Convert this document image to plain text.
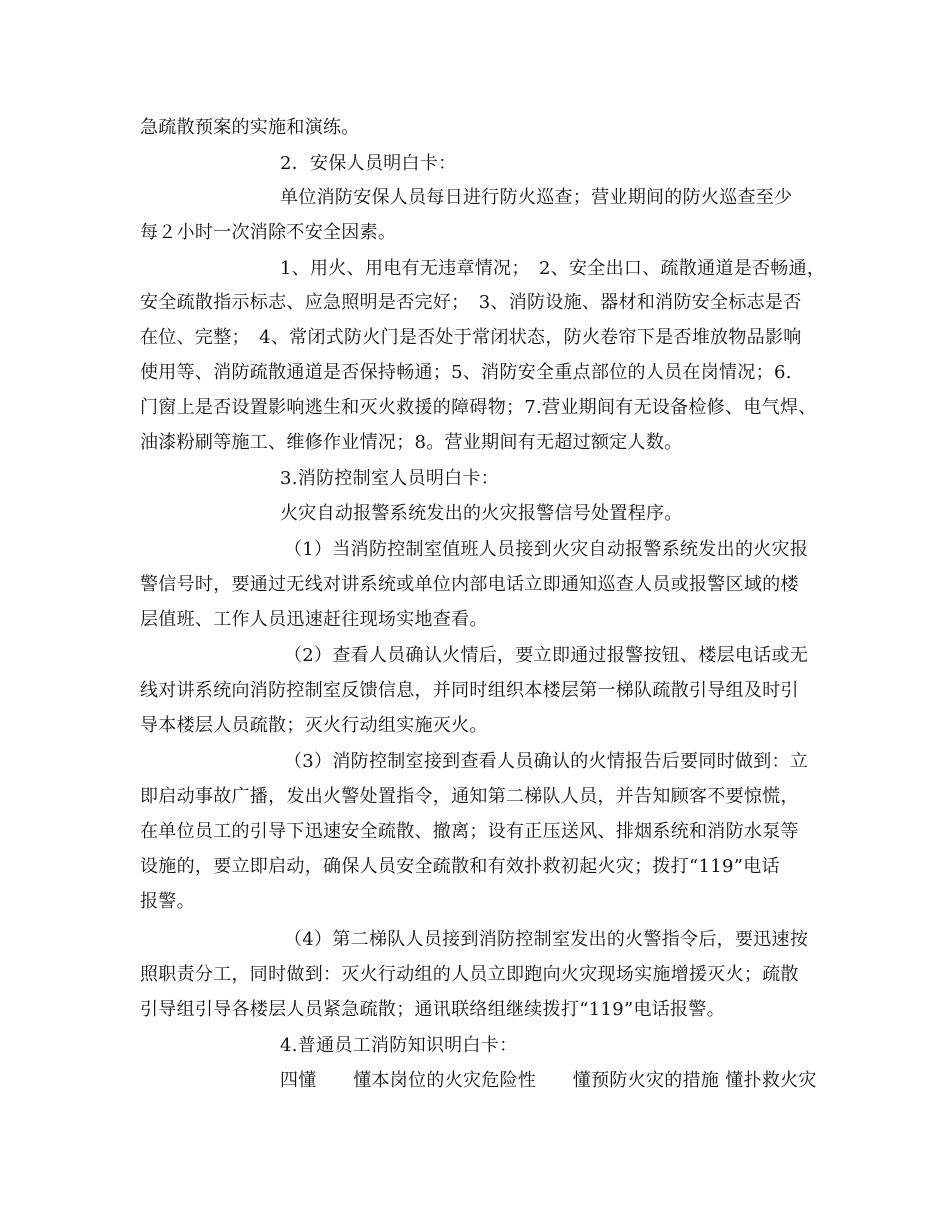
急疏散预案的实施和演练。
2．安保人员明白卡：
单位消防安保人员每日进行防火巡查；营业期间的防火巡查至少
每２小时一次消除不安全因素。
1、用火、用电有无违章情况；　2、安全出口、疏散通道是否畅通，
安全疏散指示标志、应急照明是否完好；　3、消防设施、器材和消防安全标志是否
在位、完整；　4、常闭式防火门是否处于常闭状态，防火卷帘下是否堆放物品影响
使用等、消防疏散通道是否保持畅通；5、消防安全重点部位的人员在岗情况；6.
门窗上是否设置影响逃生和灭火救援的障碍物；7.营业期间有无设备检修、电气焊、
油漆粉刷等施工、维修作业情况；8。营业期间有无超过额定人数。
3.消防控制室人员明白卡：
火灾自动报警系统发出的火灾报警信号处置程序。
（1）当消防控制室值班人员接到火灾自动报警系统发出的火灾报
警信号时，要通过无线对讲系统或单位内部电话立即通知巡查人员或报警区域的楼
层值班、工作人员迅速赶往现场实地查看。
（2）查看人员确认火情后，要立即通过报警按钮、楼层电话或无
线对讲系统向消防控制室反馈信息，并同时组织本楼层第一梯队疏散引导组及时引
导本楼层人员疏散；灭火行动组实施灭火。
（3）消防控制室接到查看人员确认的火情报告后要同时做到：立
即启动事故广播，发出火警处置指令，通知第二梯队人员，并告知顾客不要惊慌，
在单位员工的引导下迅速安全疏散、撤离；设有正压送风、排烟系统和消防水泵等
设施的，要立即启动，确保人员安全疏散和有效扑救初起火灾；拨打“119”电话
报警。
（4）第二梯队人员接到消防控制室发出的火警指令后，要迅速按
照职责分工，同时做到：灭火行动组的人员立即跑向火灾现场实施增援灭火；疏散
引导组引导各楼层人员紧急疏散；通讯联络组继续拨打“119”电话报警。
4.普通员工消防知识明白卡：
四懂　　懂本岗位的火灾危险性　　懂预防火灾的措施 懂扑救火灾
